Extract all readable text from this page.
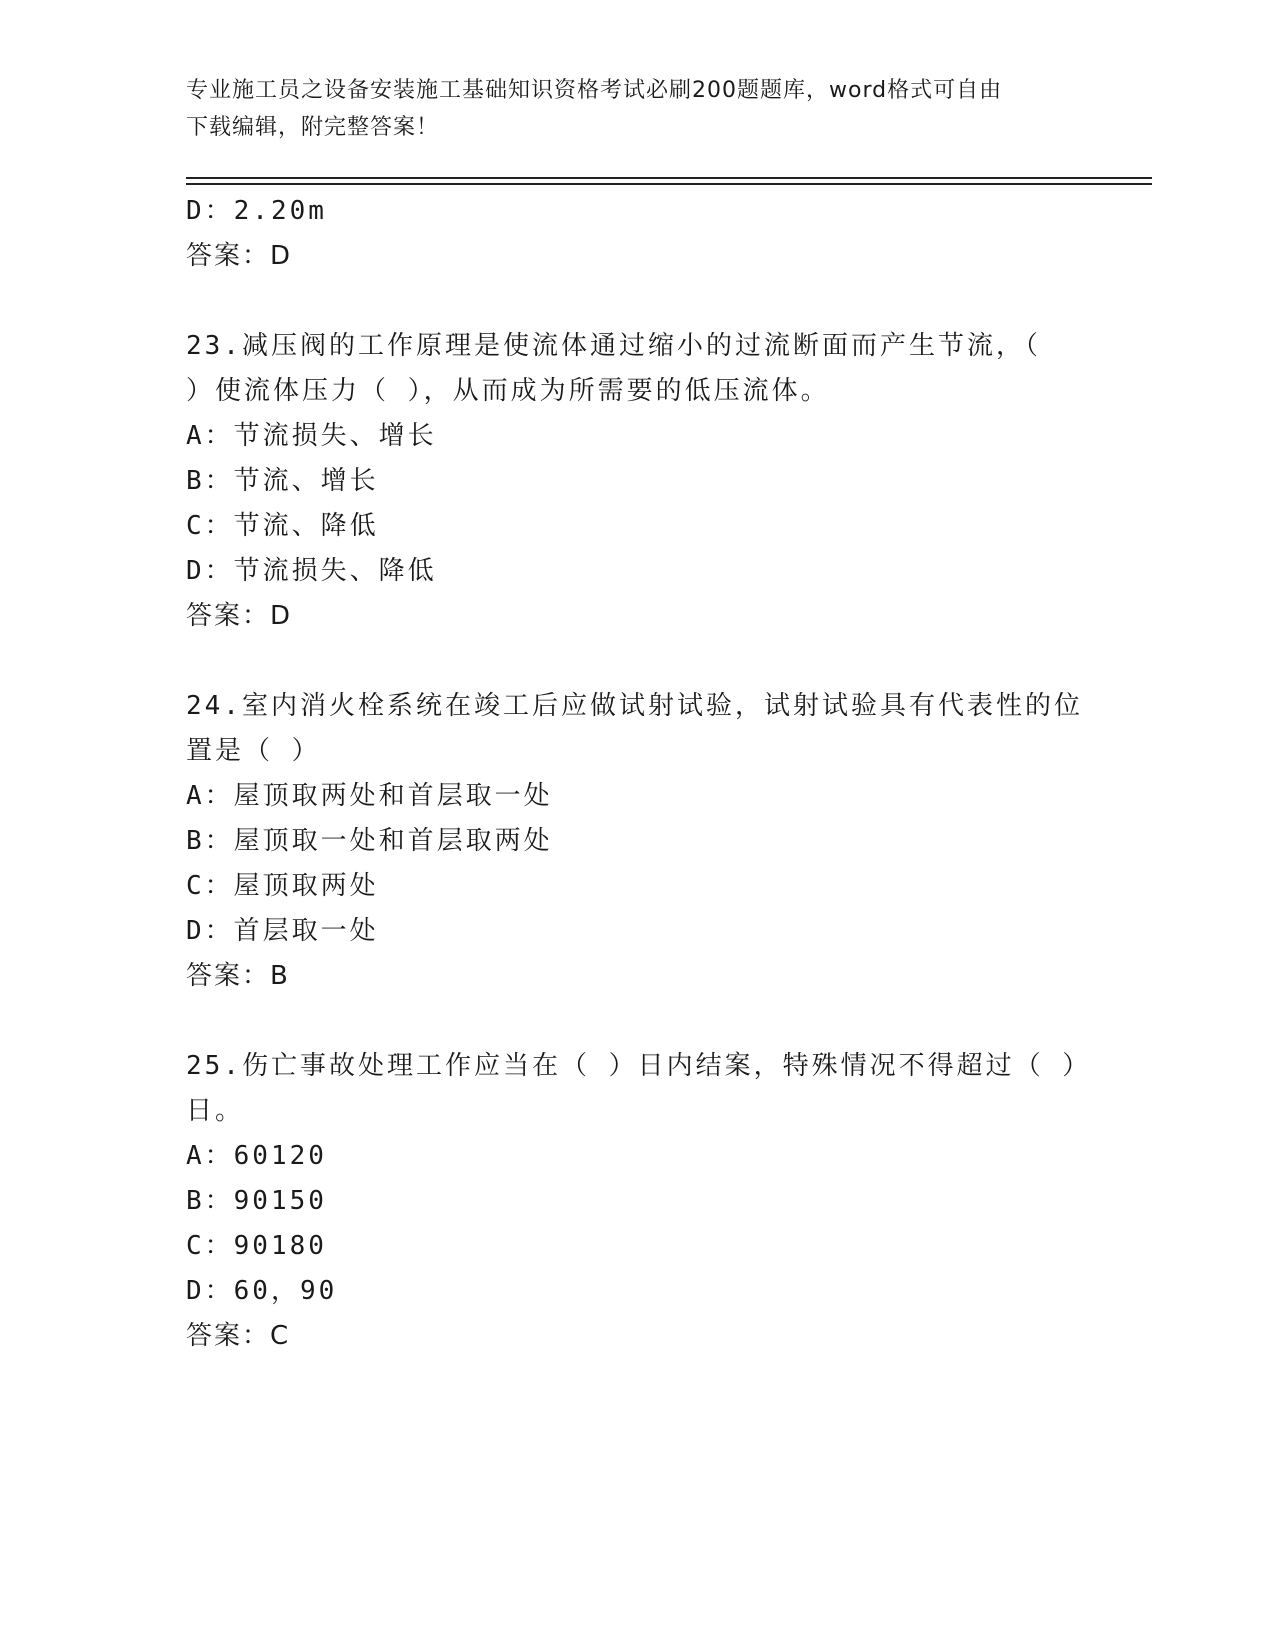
专业施工员之设备安装施工基础知识资格考试必刷200题题库，word格式可自由
下载编辑，附完整答案！
D：2.20m
答案：D
23.减压阀的工作原理是使流体通过缩小的过流断面而产生节流，（
）使流体压力（ ），从而成为所需要的低压流体。
A：节流损失、增长
B：节流、增长
C：节流、降低
D：节流损失、降低
答案：D
24.室内消火栓系统在竣工后应做试射试验，试射试验具有代表性的位
置是（ ）
A：屋顶取两处和首层取一处
B：屋顶取一处和首层取两处
C：屋顶取两处
D：首层取一处
答案：B
25.伤亡事故处理工作应当在（ ）日内结案，特殊情况不得超过（ ）
日。
A：60120
B：90150
C：90180
D：60，90
答案：C
